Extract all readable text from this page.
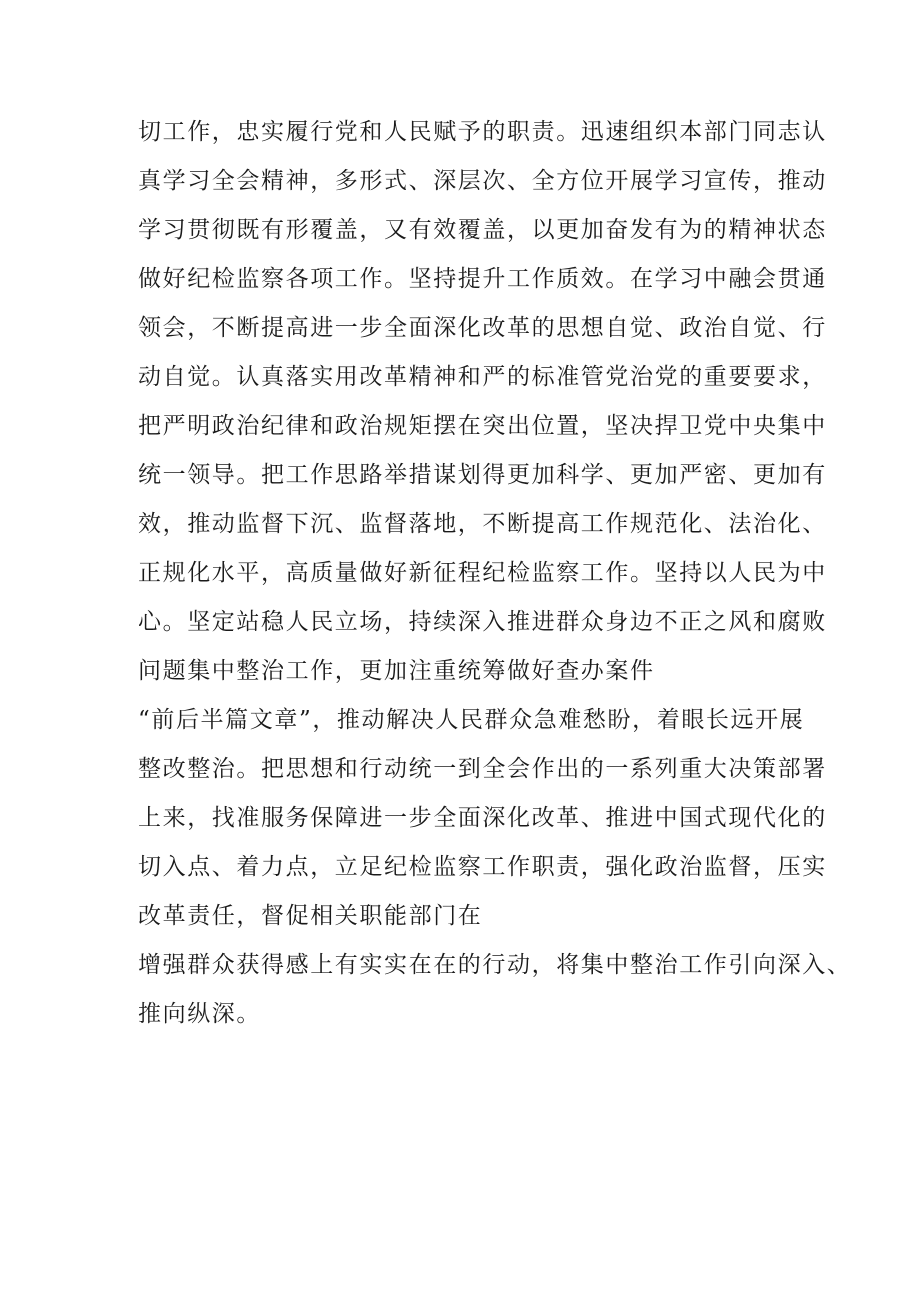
切工作，忠实履行党和人民赋予的职责。迅速组织本部门同志认
真学习全会精神，多形式、深层次、全方位开展学习宣传，推动
学习贯彻既有形覆盖，又有效覆盖，以更加奋发有为的精神状态
做好纪检监察各项工作。坚持提升工作质效。在学习中融会贯通
领会，不断提高进一步全面深化改革的思想自觉、政治自觉、行
动自觉。认真落实用改革精神和严的标准管党治党的重要要求，
把严明政治纪律和政治规矩摆在突出位置，坚决捍卫党中央集中
统一领导。把工作思路举措谋划得更加科学、更加严密、更加有
效，推动监督下沉、监督落地，不断提高工作规范化、法治化、
正规化水平，高质量做好新征程纪检监察工作。坚持以人民为中
心。坚定站稳人民立场，持续深入推进群众身边不正之风和腐败
问题集中整治工作，更加注重统筹做好查办案件
“前后半篇文章”，推动解决人民群众急难愁盼，着眼长远开展
整改整治。把思想和行动统一到全会作出的一系列重大决策部署
上来，找准服务保障进一步全面深化改革、推进中国式现代化的
切入点、着力点，立足纪检监察工作职责，强化政治监督，压实
改革责任，督促相关职能部门在
增强群众获得感上有实实在在的行动，将集中整治工作引向深入、
推向纵深。
